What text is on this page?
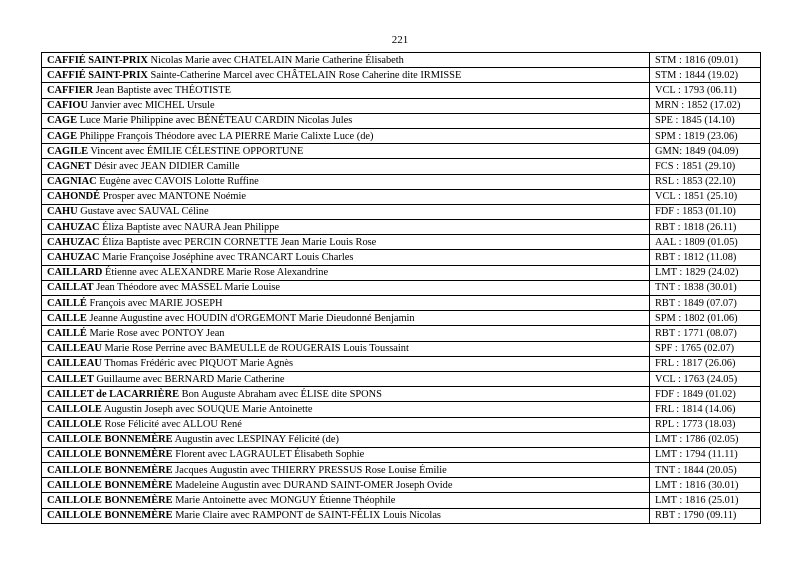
221
CAFFIÉ SAINT-PRIX Nicolas Marie avec CHATELAIN Marie Catherine Élisabeth	STM : 1816 (09.01)
CAFFIÉ SAINT-PRIX Sainte-Catherine Marcel avec CHÂTELAIN Rose Caherine dite IRMISSE	STM : 1844 (19.02)
CAFFIER Jean Baptiste avec THÉOTISTE	VCL : 1793 (06.11)
CAFIOU Janvier avec MICHEL Ursule	MRN : 1852 (17.02)
CAGE Luce Marie Philippine avec BÉNÉTEAU CARDIN Nicolas Jules	SPE : 1845 (14.10)
CAGE Philippe François Théodore avec LA PIERRE Marie Calixte Luce (de)	SPM : 1819 (23.06)
CAGILE Vincent avec ÉMILIE CÉLESTINE OPPORTUNE	GMN: 1849 (04.09)
CAGNET Désir avec JEAN DIDIER Camille	FCS : 1851 (29.10)
CAGNIAC Eugène avec CAVOIS Lolotte Ruffine	RSL : 1853 (22.10)
CAHONDÉ Prosper avec MANTONE Noémie	VCL : 1851 (25.10)
CAHU Gustave avec SAUVAL Céline	FDF : 1853 (01.10)
CAHUZAC Éliza Baptiste avec NAURA Jean Philippe	RBT : 1818 (26.11)
CAHUZAC Éliza Baptiste avec PERCIN CORNETTE Jean Marie Louis Rose	AAL : 1809 (01.05)
CAHUZAC Marie Françoise Joséphine avec TRANCART Louis Charles	RBT : 1812 (11.08)
CAILLARD Étienne avec ALEXANDRE Marie Rose Alexandrine	LMT : 1829 (24.02)
CAILLAT Jean Théodore avec MASSEL Marie Louise	TNT : 1838 (30.01)
CAILLÉ François avec MARIE JOSEPH	RBT : 1849 (07.07)
CAILLE Jeanne Augustine avec HOUDIN d'ORGEMONT Marie Dieudonné Benjamin	SPM : 1802 (01.06)
CAILLÉ Marie Rose avec PONTOY Jean	RBT : 1771 (08.07)
CAILLEAU Marie Rose Perrine avec BAMEULLE de ROUGERAIS Louis Toussaint	SPF : 1765 (02.07)
CAILLEAU Thomas Frédéric avec PIQUOT Marie Agnès	FRL : 1817 (26.06)
CAILLET Guillaume avec BERNARD Marie Catherine	VCL : 1763 (24.05)
CAILLET de LACARRIÈRE Bon Auguste Abraham avec ÉLISE dite SPONS	FDF : 1849 (01.02)
CAILLOLE Augustin Joseph avec SOUQUE Marie Antoinette	FRL : 1814 (14.06)
CAILLOLE Rose Félicité avec ALLOU René	RPL : 1773 (18.03)
CAILLOLE BONNEMÈRE Augustin avec LESPINAY Félicité (de)	LMT : 1786 (02.05)
CAILLOLE BONNEMÈRE Florent avec LAGRAULET Élisabeth Sophie	LMT : 1794 (11.11)
CAILLOLE BONNEMÈRE Jacques Augustin avec THIERRY PRESSUS Rose Louise Émilie	TNT : 1844 (20.05)
CAILLOLE BONNEMÈRE Madeleine Augustin avec DURAND SAINT-OMER Joseph Ovide	LMT : 1816 (30.01)
CAILLOLE BONNEMÈRE Marie Antoinette avec MONGUY Étienne Théophile	LMT : 1816 (25.01)
CAILLOLE BONNEMÈRE Marie Claire avec RAMPONT de SAINT-FÉLIX Louis Nicolas	RBT : 1790 (09.11)
